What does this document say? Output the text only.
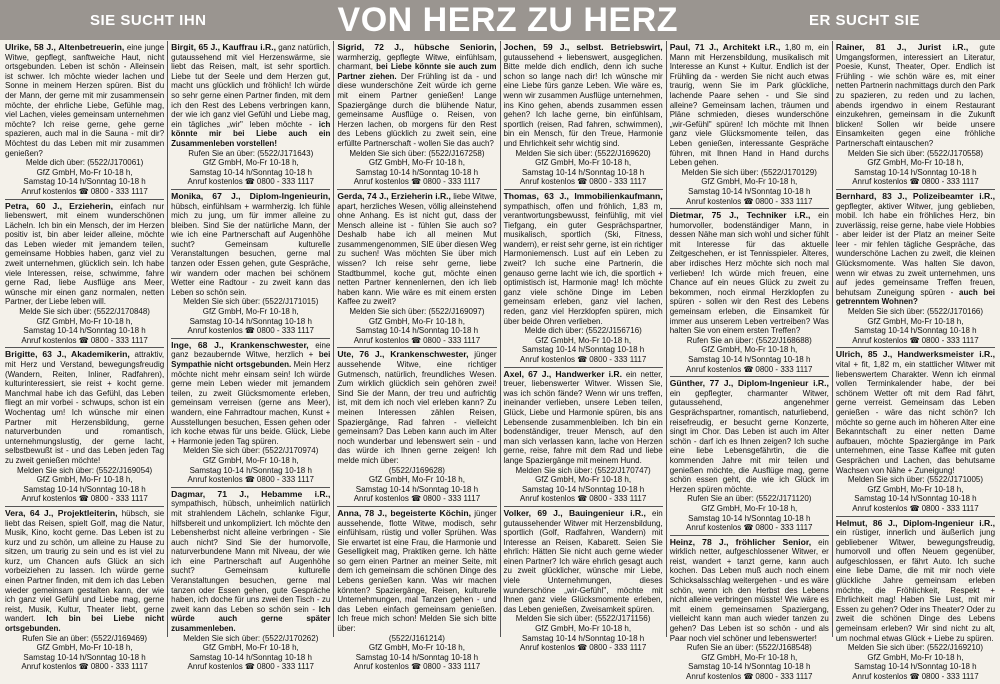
SIE SUCHT IHN	VON HERZ ZU HERZ	ER SUCHT SIE

Ulrike, 58 J., Altenbetreuerin, eine junge Witwe, gepflegt, sanftweiche Haut, nicht ortsgebunden. Leben ist schön - Alleinsein ist schwer. Ich möchte wieder lachen und Sonne in meinem Herzen spüren. Bist du der Mann, der gerne mit mir zusammensein möchte, der ehrliche Liebe, Gefühle mag, viel Lachen, vieles gemeinsam unternehmen möchte? Ich reise gerne, gehe gerne spazieren, auch mal in die Sauna - mit dir? Möchtest du das Leben mit mir zusammen genießen?

Melde dich über: (5522/J170061)

GfZ GmbH, Mo-Fr 10-18 h,

Samstag 10-14 h/Sonntag 10-18 h

Anruf kostenlos ☎ 0800 - 333 1117

Petra, 60 J., Erzieherin, einfach nur liebenswert, mit einem wunderschönen Lächeln. Ich bin ein Mensch, der im Herzen positiv ist, bin aber leider alleine, möchte das Leben wieder mit jemandem teilen, gemeinsame Hobbies haben, ganz viel zu zweit unternehmen, glücklich sein. Ich habe viele Interessen, reise, schwimme, fahre gerne Rad, liebe Ausflüge ans Meer, wünsche mir einen ganz normalen, netten Partner, der Liebe leben will.

Melde Sie sich über: (5522/J170848)

GfZ GmbH, Mo-Fr 10-18 h,

Samstag 10-14 h/Sonntag 10-18 h

Anruf kostenlos ☎ 0800 - 333 1117

Brigitte, 63 J., Akademikerin, attraktiv, mit Herz und Verstand, bewegungsfreudig (Wandern, Reiten, Inliner, Radfahren), kulturinteressiert, sie reist + kocht gerne. Manchmal habe ich das Gefühl, das Leben fliegt an mir vorbei - schwups, schon ist ein Wochentag um! Ich wünsche mir einen Partner mit Herzensbildung, gerne naturverbunden und romantisch, unternehmungslustig, der gerne lacht, selbstbewußt ist - und das Leben jeden Tag zu zweit genießen möchte!

Melden Sie sich über: (5522/J169054)

GfZ GmbH, Mo-Fr 10-18 h,

Samstag 10-14 h/Sonntag 10-18 h

Anruf kostenlos ☎ 0800 - 333 1117

Vera, 64 J., Projektleiterin, hübsch, sie liebt das Reisen, spielt Golf, mag die Natur, Musik, Kino, kocht gerne. Das Leben ist zu kurz und zu schön, um alleine zu Hause zu sitzen, um traurig zu sein und es ist viel zu kurz, um Chancen aufs Glück an sich vorbeiziehen zu lassen. Ich würde gerne einen Partner finden, mit dem ich das Leben wieder gemeinsam gestalten kann, der wie ich ganz viel Gefühl und Liebe mag, gerne reist, Musik, Kultur, Theater liebt, gerne wandert. Ich bin bei Liebe nicht ortsgebunden.

Rufen Sie an über: (5522/J169469)

GfZ GmbH, Mo-Fr 10-18 h,

Samstag 10-14 h/Sonntag 10-18 h

Anruf kostenlos ☎ 0800 - 333 1117

Birgit, 65 J., Kauffrau i.R., ganz natürlich, gutaussehend mit viel Herzenswärme, sie liebt das Reisen, malt, ist sehr sportlich. Liebe tut der Seele und dem Herzen gut, macht uns glücklich und fröhlich! Ich würde so sehr gerne einen Partner finden, mit dem ich den Rest des Lebens verbringen kann, der wie ich ganz viel Gefühl und Liebe mag, ein tägliches „wir" leben möchte - ich könnte mir bei Liebe auch ein Zusammenleben vorstellen!

Rufen Sie an über: (5522/J171643)

GfZ GmbH, Mo-Fr 10-18 h,

Samstag 10-14 h/Sonntag 10-18 h

Anruf kostenlos ☎ 0800 - 333 1117

Monika, 67 J., Diplom-Ingenieurin, hübsch, einfühlsam + warmherzig. Ich fühle mich zu jung, um für immer alleine zu bleiben. Sind Sie der natürliche Mann, der wie ich eine Partnerschaft auf Augenhöhe sucht? Gemeinsam kulturelle Veranstaltungen besuchen, gerne mal tanzen oder Essen gehen, gute Gespräche, wir wandern oder machen bei schönem Wetter eine Radtour - zu zweit kann das Leben so schön sein.

Melden Sie sich über: (5522/J171015)

GfZ GmbH, Mo-Fr 10-18 h,

Samstag 10-14 h/Sonntag 10-18 h

Anruf kostenlos ☎ 0800 - 333 1117

Inge, 68 J., Krankenschwester, eine ganz bezaubernde Witwe, herzlich + bei Sympathie nicht ortsgebunden. Mein Herz möchte nicht mehr einsam sein! Ich würde gerne mein Leben wieder mit jemandem teilen, zu zweit Glücksmomente erleben, gemeinsam verreisen (gerne ans Meer), wandern, eine Fahrradtour machen, Kunst + Ausstellungen besuchen, Essen gehen oder ich koche etwas für uns beide. Glück, Liebe + Harmonie jeden Tag spüren.

Melden Sie sich über: (5522/J170974)

GfZ GmbH, Mo-Fr 10-18 h,

Samstag 10-14 h/Sonntag 10-18 h

Anruf kostenlos ☎ 0800 - 333 1117

Dagmar, 71 J., Hebamme i.R., sympathisch, hübsch, unheimlich natürlich mit strahlendem Lächeln, schlanke Figur, hilfsbereit und unkompliziert. Ich möchte den Lebensherbst nicht alleine verbringen - Sie auch nicht? Sind Sie der humorvolle, naturverbundene Mann mit Niveau, der wie ich eine Partnerschaft auf Augenhöhe sucht? Gemeinsam kulturelle Veranstaltungen besuchen, gerne mal tanzen oder Essen gehen, gute Gespräche haben, ich doche für uns zwei den Tisch - zu zweit kann das Leben so schön sein - Ich würde auch gerne später zusammenleben.

Melden Sie sich über: (5522/J170262)

GfZ GmbH, Mo-Fr 10-18 h,

Samstag 10-14 h/Sonntag 10-18 h

Anruf kostenlos ☎ 0800 - 333 1117

Sigrid, 72 J., hübsche Seniorin, warmherzig, gepflegte Witwe, einfühlsam, charmant, bei Liebe könnte sie auch zum Partner ziehen. Der Frühling ist da - und diese wunderschöne Zeit würde ich gerne mit einem Partner genießen! Lange Spaziergänge durch die blühende Natur, gemeinsame Ausflüge o. Reisen, von Herzen lachen, ob morgens für den Rest des Lebens glücklich zu zweit sein, eine erfüllte Partnerschaft - wollen Sie das auch?

Melden Sie sich über: (5522/J167258)

GfZ GmbH, Mo-Fr 10-18 h,

Samstag 10-14 h/Sonntag 10-18 h

Anruf kostenlos ☎ 0800 - 333 1117

Gerda, 74 J., Erzieherin i.R., liebe Witwe, apart, herzliches Wesen, völlig alleinstehend ohne Anhang. Es ist nicht gut, dass der Mensch alleine ist - fühlen Sie auch so? Deshalb habe ich all meinen Mut zusammengenommen, SIE über diesen Weg zu suchen! Was möchten Sie über mich wissen? Ich reise sehr gerne, liebe Stadtbummel, koche gut, möchte einen netten Partner kennenlernen, den ich lieb haben kann. Wie wäre es mit einem ersten Kaffee zu zweit?

Melden Sie sich über: (5522/J169097)

GfZ GmbH, Mo-Fr 10-18 h,

Samstag 10-14 h/Sonntag 10-18 h

Anruf kostenlos ☎ 0800 - 333 1117

Ute, 76 J., Krankenschwester, jünger aussehende Witwe, eine richtiger Gutmensch, natürlich, freundliches Wesen. Zum wirklich glücklich sein gehören zwei! Sind Sie der Mann, der treu und aufrichtig ist, mit dem ich noch viel erleben kann? Zu meinen Interessen zählen Reisen, Spaziergänge, Rad fahren - vielleicht gemeinsam? Das Leben kann auch im Alter noch wunderbar und lebenswert sein - und das würde ich Ihnen gerne zeigen! Ich melde mich über:

(5522/J169628)

GfZ GmbH, Mo-Fr 10-18 h,

Samstag 10-14 h/Sonntag 10-18 h

Anruf kostenlos ☎ 0800 - 333 1117

Anna, 78 J., begeisterte Köchin, jünger aussehende, flotte Witwe, modisch, sehr einfühlsam, rüstig und voller Sprühen. Was Sie erwartet ist eine Frau, die Harmonie und Geselligkeit mag, Praktiken gerne. Ich hätte so gern einen Partner an meiner Seite, mit dem ich gemeinsam die schönen Dinge des Lebens genießen kann. Was wir machen könnten? Spaziergänge, Reisen, kulturelle Unternehmungen, mal Tanzen gehen - und das Leben einfach gemeinsam genießen. Ich freue mich schon! Melden Sie sich bitte über:

(5522/J161214)

GfZ GmbH, Mo-Fr 10-18 h,

Samstag 10-14 h/Sonntag 10-18 h

Anruf kostenlos ☎ 0800 - 333 1117

Jochen, 59 J., selbst. Betriebswirt, gutaussehend + liebenswert, ausgeglichen. Bitte melde dich endlich, denn ich suche schon so lange nach dir! Ich wünsche mir eine Liebe fürs ganze Leben. Wie wäre es, wenn wir zusammen Ausflüge unternehmen, ins Kino gehen, abends zusammen essen gehen? Ich lache gerne, bin einfühlsam, sportlich (reisen, Rad fahren, schwimmen), bin ein Mensch, für den Treue, Harmonie und Ehrlichkeit sehr wichtig sind.

Melden Sie sich über: (5522/J169620)

GfZ GmbH, Mo-Fr 10-18 h,

Samstag 10-14 h/Sonntag 10-18 h

Anruf kostenlos ☎ 0800 - 333 1117

Thomas, 63 J., Immobilienkaufmann, sympathisch, offen und fröhlich, 1,83 m, verantwortungsbewusst, feinfühlig, mit viel Tiefgang, ein guter Gesprächspartner, musikalisch, sportlich (Ski, Fitness, wandern), er reist sehr gerne, ist ein richtiger Harmoniemensch. Lust auf ein Leben zu zweit? Ich suche eine Partnerin, die genauso gerne lacht wie ich, die sportlich + optimistisch ist, Harmonie mag! Ich möchte ganz viele schöne Dinge im Leben gemeinsam erleben, ganz viel lachen, reden, ganz viel Herzklopfen spüren, mich über beide Ohren verlieben.

Melde dich über: (5522/J156716)

GfZ GmbH, Mo-Fr 10-18 h,

Samstag 10-14 h/Sonntag 10-18 h

Anruf kostenlos ☎ 0800 - 333 1117

Axel, 67 J., Handwerker i.R. ein netter, treuer, liebenswerter Witwer. Wissen Sie, was ich schön fände? Wenn wir uns treffen, ineinander verlieben, unsere Leben teilen, Glück, Liebe und Harmonie spüren, bis ans Lebensende zusammenbleiben. Ich bin ein bodenständiger, treuer Mensch, auf den man sich verlassen kann, lache von Herzen gerne, reise, fahre mit dem Rad und liebe lange Spaziergänge mit meinem Hund.

Melden Sie sich über: (5522/J170747)

GfZ GmbH, Mo-Fr 10-18 h,

Samstag 10-14 h/Sonntag 10-18 h

Anruf kostenlos ☎ 0800 - 333 1117

Volker, 69 J., Bauingenieur i.R., ein gutaussehender Witwer mit Herzensbildung, sportlich (Golf, Radfahren, Wandern) mit Interesse an Reisen, Kabarett. Seien Sie ehrlich: Hätten Sie nicht auch gerne wieder einen Partner? Ich wäre ehrlich gesagt auch zu zweit glücklicher, wünsche mir Liebe, viele Unternehmungen, dieses wunderschöne „wir-Gefühl", möchte mit Ihnen ganz viele Glücksmomente erleben, das Leben genießen, Zweisamkeit spüren.

Melden Sie sich über: (5522/J171156)

GfZ GmbH, Mo-Fr 10-18 h,

Samstag 10-14 h/Sonntag 10-18 h

Anruf kostenlos ☎ 0800 - 333 1117

Paul, 71 J., Architekt i.R., 1,80 m, ein Mann mit Herzensbildung, musikalisch mit Interesse an Kunst + Kultur. Endlich ist der Frühling da - werden Sie nicht auch etwas traurig, wenn Sie im Park glückliche, lachende Paare sehen - und Sie sind alleine? Gemeinsam lachen, träumen und Pläne schmieden, dieses wunderschöne „wir-Gefühl" spüren! Ich möchte mit Ihnen ganz viele Glücksmomente teilen, das Leben genießen, interessante Gespräche führen, mit Ihnen Hand in Hand durchs Leben gehen.

Melden Sie sich über: (5522/J170129)

GfZ GmbH, Mo-Fr 10-18 h,

Samstag 10-14 h/Sonntag 10-18 h

Anruf kostenlos ☎ 0800 - 333 1117

Dietmar, 75 J., Techniker i.R., ein humorvoller, bodenständiger Mann, in dessen Nähe man sich wohl und sicher fühlt mit Interesse für das aktuelle Zeitgeschehen, er ist Tennisspieler. Älteres, aber irdisches Herz möchte sich noch mal verlieben! Ich würde mich freuen, eine Chance auf ein neues Glück zu zweit zu bekommen, noch einmal Herzklopfen zu spüren - sollen wir den Rest des Lebens gemeinsam erleben, die Einsamkeit für immer aus unserem Leben vertreiben? Was halten Sie von einem ersten Treffen?

Rufen Sie an über: (5522/J168688)

GfZ GmbH, Mo-Fr 10-18 h,

Samstag 10-14 h/Sonntag 10-18 h

Anruf kostenlos ☎ 0800 - 333 1117

Günther, 77 J., Diplom-Ingenieur i.R., ein gepflegter, charmanter Witwer, gutaussehend, angenehmer Gesprächspartner, romantisch, naturliebend, reisefreudig, er besucht gerne Konzerte, singt im Chor. Das Leben ist auch im Alter schön - darf ich es Ihnen zeigen? Ich suche eine liebe Lebensgefährtin, die die kommenden Jahre mit mir teilen und genießen möchte, die Ausflüge mag, gerne schön essen geht, die wie ich Glück im Herzen spüren möchte.

Rufen Sie an über: (5522/J171120)

GfZ GmbH, Mo-Fr 10-18 h,

Samstag 10-14 h/Sonntag 10-18 h

Anruf kostenlos ☎ 0800 - 333 1117

Heinz, 78 J., fröhlicher Senior, ein wirklich netter, aufgeschlossener Witwer, er reist, wandert + tanzt gerne, kann auch kochen. Das Leben muß auch noch einem Schicksalsschlag weitergehen - und es wäre schön, wenn ich den Herbst des Lebens nicht alleine verbringen müsste! Wie wäre es mit einem gemeinsamen Spaziergang, vielleicht kann man auch wieder tanzen zu gehen? Das Leben ist so schön - und als Paar noch viel schöner und lebenswerter!

Rufen Sie an über: (5522/J168548)

GfZ GmbH, Mo-Fr 10-18 h,

Samstag 10-14 h/Sonntag 10-18 h

Anruf kostenlos ☎ 0800 - 333 1117

Rainer, 81 J., Jurist i.R., gute Umgangsformen, interessiert an Literatur, Poesie, Kunst, Theater, Oper. Endlich ist Frühling - wie schön wäre es, mit einer netten Partnerin nachmittags durch den Park zu spazieren, zu reden und zu lachen, abends irgendwo in einem Restaurant einzukehren, gemeinsam in die Zukunft blicken! Sollen wir beide unsere Einsamkeiten gegen eine fröhliche Partnerschaft eintauschen?

Melden Sie sich über: (5522/J170558)

GfZ GmbH, Mo-Fr 10-18 h,

Samstag 10-14 h/Sonntag 10-18 h

Anruf kostenlos ☎ 0800 - 333 1117

Bernhard, 83 J., Polizeibeamter i.R., gepflegter, aktiver Witwer, jung geblieben, mobil. Ich habe ein fröhliches Herz, bin zuverlässig, reise gerne, habe viele Hobbies - aber leider ist der Platz an meiner Seite leer - mir fehlen tägliche Gespräche, das wunderschöne Lachen zu zweit, die kleinen Glücksmomente. Was halten Sie davon, wenn wir etwas zu zweit unternehmen, uns auf jedes gemeinsame Treffen freuen, behutsam Zuneigung spüren - auch bei getrenntem Wohnen?

Melden Sie sich über: (5522/J170166)

GfZ GmbH, Mo-Fr 10-18 h,

Samstag 10-14 h/Sonntag 10-18 h

Anruf kostenlos ☎ 0800 - 333 1117

Ulrich, 85 J., Handwerksmeister i.R., vital + fit, 1,82 m, ein stattlicher Witwer mit liebenswertem Charakter. Wenn ich einmal vollen Terminkalender habe, der bei schönem Wetter oft mit dem Rad fährt, gerne verreist. Gemeinsam das Leben genießen - wäre das nicht schön? Ich möchte so gerne auch im höheren Alter eine Bekanntschaft zu einer netten Dame aufbauen, möchte Spaziergänge im Park unternehmen, eine Tasse Kaffee mit guten Gesprächen und Lachen, das behutsame Wachsen von Nähe + Zuneigung!

Melden Sie sich über: (5522/J171005)

GfZ GmbH, Mo-Fr 10-18 h,

Samstag 10-14 h/Sonntag 10-18 h

Anruf kostenlos ☎ 0800 - 333 1117

Helmut, 86 J., Diplom-Ingenieur i.R., ein rüstiger, innerlich und äußerlich jung gebliebener Witwer, bewegungsfreudig, humorvoll und offen Neuem gegenüber, aufgeschlossen, er fährt Auto. Ich suche eine liebe Dame, die mit mir noch viele glückliche Jahre gemeinsam erleben möchte, die Fröhlichkeit, Respekt + Ehrlichkeit mag! Haben Sie Lust, mit mir Essen zu gehen? Oder ins Theater? Oder zu zweit die schönen Dinge des Lebens gemeinsam erleben? Wir sind nicht zu alt, um nochmal etwas Glück + Liebe zu spüren.

Melden Sie sich über: (5522/J169210)

GfZ GmbH, Mo-Fr 10-18 h,

Samstag 10-14 h/Sonntag 10-18 h

Anruf kostenlos ☎ 0800 - 333 1117
